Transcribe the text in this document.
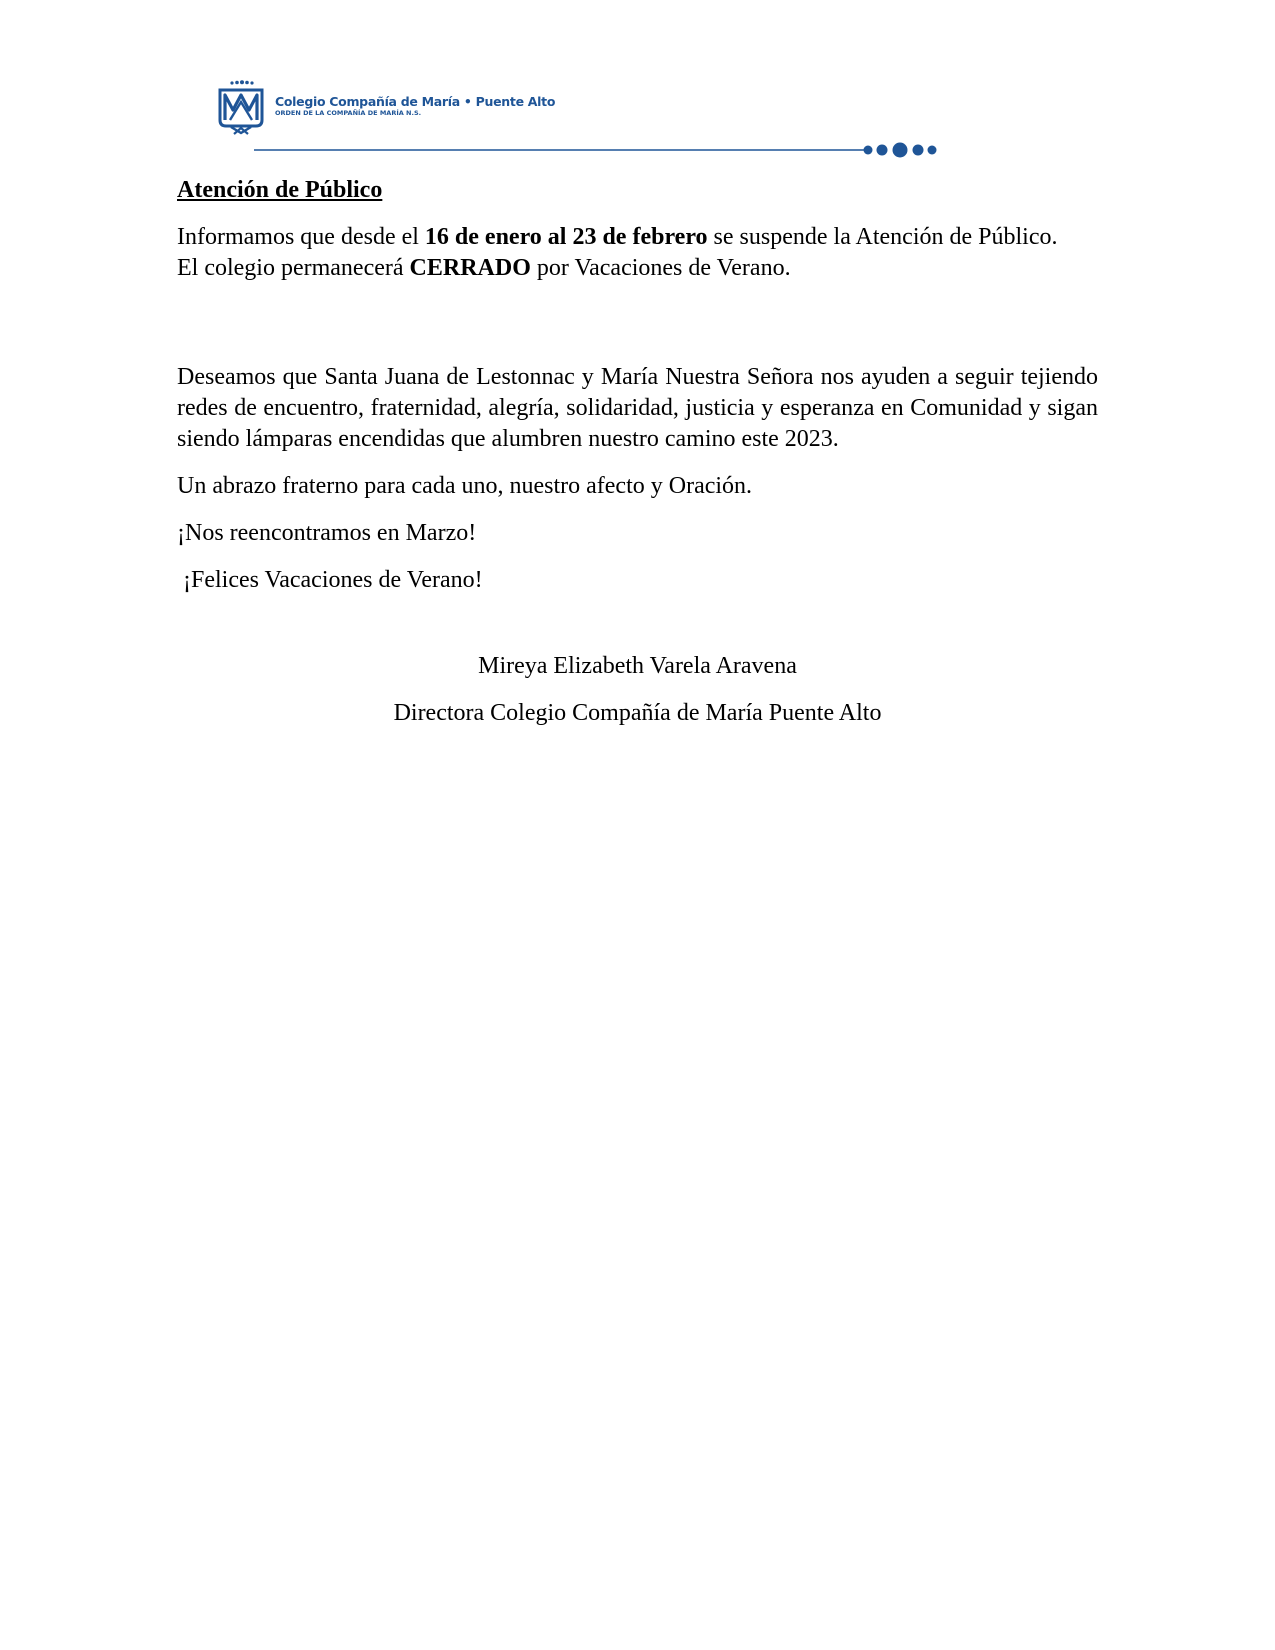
Colegio Compañía de María • Puente Alto
ORDEN DE LA COMPAÑÍA DE MARÍA N.S.
Atención de Público
Informamos que desde el 16 de enero al 23 de febrero se suspende la Atención de Público.
El colegio permanecerá CERRADO por Vacaciones de Verano.
Deseamos que Santa Juana de Lestonnac y María Nuestra Señora nos ayuden a seguir tejiendo redes de encuentro, fraternidad, alegría, solidaridad, justicia y esperanza en Comunidad y sigan siendo lámparas encendidas que alumbren nuestro camino este 2023.
Un abrazo fraterno para cada uno, nuestro afecto y Oración.
¡Nos reencontramos en Marzo!
¡Felices Vacaciones de Verano!
Mireya Elizabeth Varela Aravena
Directora Colegio Compañía de María Puente Alto
